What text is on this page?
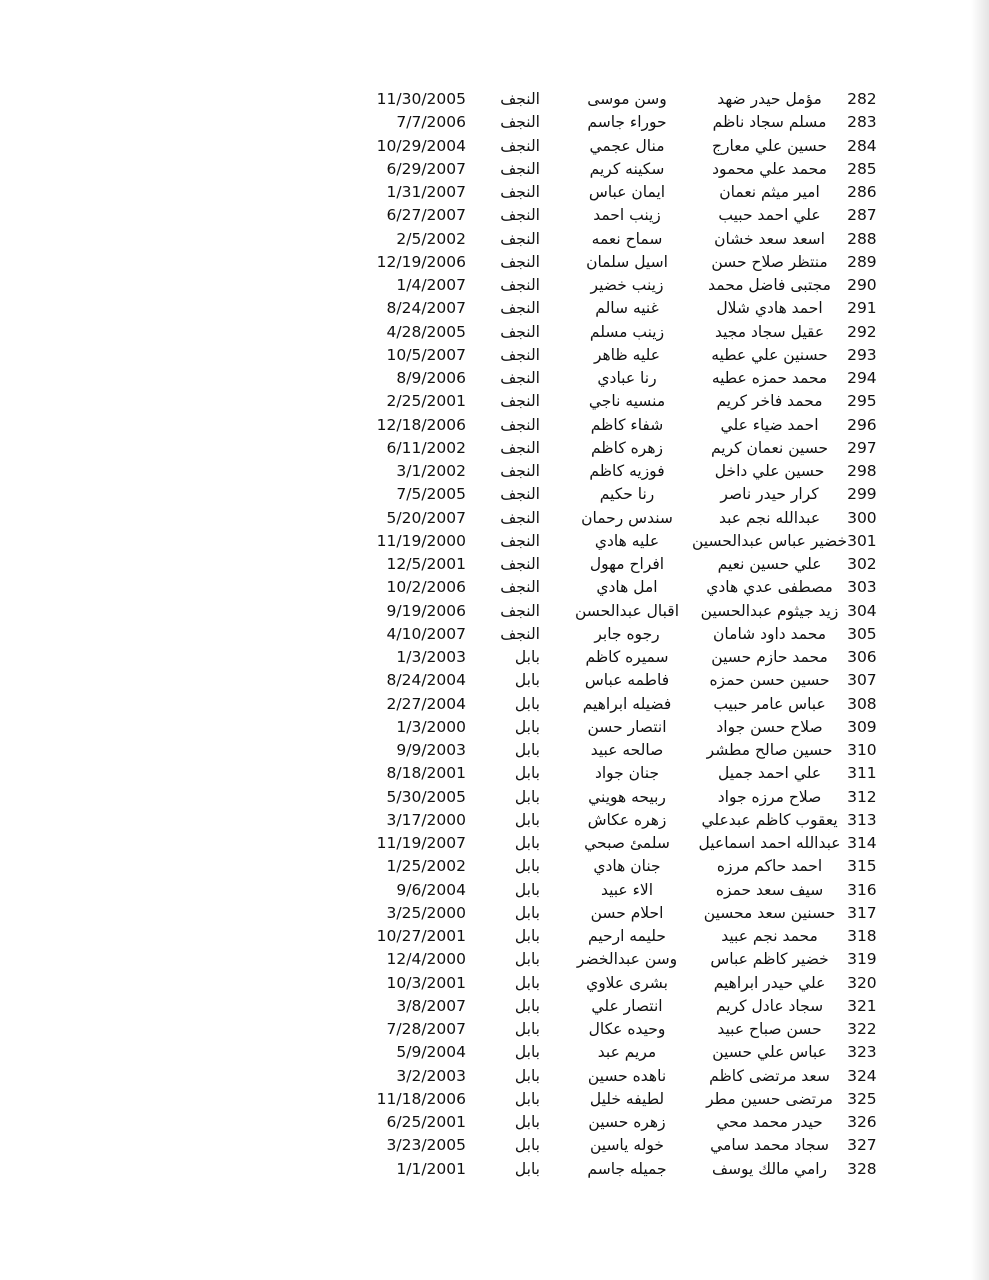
11/30/2005	النجف	وسن موسى	مؤمل حيدر ضهد	282
7/7/2006	النجف	حوراء جاسم	مسلم سجاد ناظم	283
10/29/2004	النجف	منال عجمي	حسين علي معارج	284
6/29/2007	النجف	سكينه كريم	محمد علي محمود	285
1/31/2007	النجف	ايمان عباس	امير ميثم نعمان	286
6/27/2007	النجف	زينب احمد	علي احمد حبيب	287
2/5/2002	النجف	سماح نعمه	اسعد سعد خشان	288
12/19/2006	النجف	اسيل سلمان	منتظر صلاح حسن	289
1/4/2007	النجف	زينب خضير	مجتبى فاضل محمد	290
8/24/2007	النجف	غنيه سالم	احمد هادي شلال	291
4/28/2005	النجف	زينب مسلم	عقيل سجاد مجيد	292
10/5/2007	النجف	عليه ظاهر	حسنين علي عطيه	293
8/9/2006	النجف	رنا عبادي	محمد حمزه عطيه	294
2/25/2001	النجف	منسيه ناجي	محمد فاخر كريم	295
12/18/2006	النجف	شفاء كاظم	احمد ضياء علي	296
6/11/2002	النجف	زهره كاظم	حسين نعمان كريم	297
3/1/2002	النجف	فوزيه كاظم	حسين علي داخل	298
7/5/2005	النجف	رنا حكيم	كرار حيدر ناصر	299
5/20/2007	النجف	سندس رحمان	عبدالله نجم عبد	300
11/19/2000	النجف	عليه هادي	خضير عباس عبدالحسين	301
12/5/2001	النجف	افراح مهول	علي حسين نعيم	302
10/2/2006	النجف	امل هادي	مصطفى عدي هادي	303
9/19/2006	النجف	اقبال عبدالحسن	زيد جيثوم عبدالحسين	304
4/10/2007	النجف	رجوه جابر	محمد داود شامان	305
1/3/2003	بابل	سميره كاظم	محمد حازم حسين	306
8/24/2004	بابل	فاطمه عباس	حسين حسن حمزه	307
2/27/2004	بابل	فضيله ابراهيم	عباس عامر حبيب	308
1/3/2000	بابل	انتصار حسن	صلاح حسن جواد	309
9/9/2003	بابل	صالحه عبيد	حسين صالح مطشر	310
8/18/2001	بابل	جنان جواد	علي احمد جميل	311
5/30/2005	بابل	ربيحه هويني	صلاح مرزه جواد	312
3/17/2000	بابل	زهره عكاش	يعقوب كاظم عبدعلي	313
11/19/2007	بابل	سلمئ صبحي	عبدالله احمد اسماعيل	314
1/25/2002	بابل	جنان هادي	احمد حاكم مرزه	315
9/6/2004	بابل	الاء عبيد	سيف سعد حمزه	316
3/25/2000	بابل	احلام حسن	حسنين سعد محسين	317
10/27/2001	بابل	حليمه ارحيم	محمد نجم عبيد	318
12/4/2000	بابل	وسن عبدالخضر	خضير كاظم عباس	319
10/3/2001	بابل	بشرى علاوي	علي حيدر ابراهيم	320
3/8/2007	بابل	انتصار علي	سجاد عادل كريم	321
7/28/2007	بابل	وحيده عكال	حسن صباح عبيد	322
5/9/2004	بابل	مريم عبد	عباس علي حسين	323
3/2/2003	بابل	ناهده حسين	سعد مرتضى كاظم	324
11/18/2006	بابل	لطيفه خليل	مرتضى حسين مطر	325
6/25/2001	بابل	زهره حسين	حيدر محمد محي	326
3/23/2005	بابل	خوله ياسين	سجاد محمد سامي	327
1/1/2001	بابل	جميله جاسم	رامي مالك يوسف	328
